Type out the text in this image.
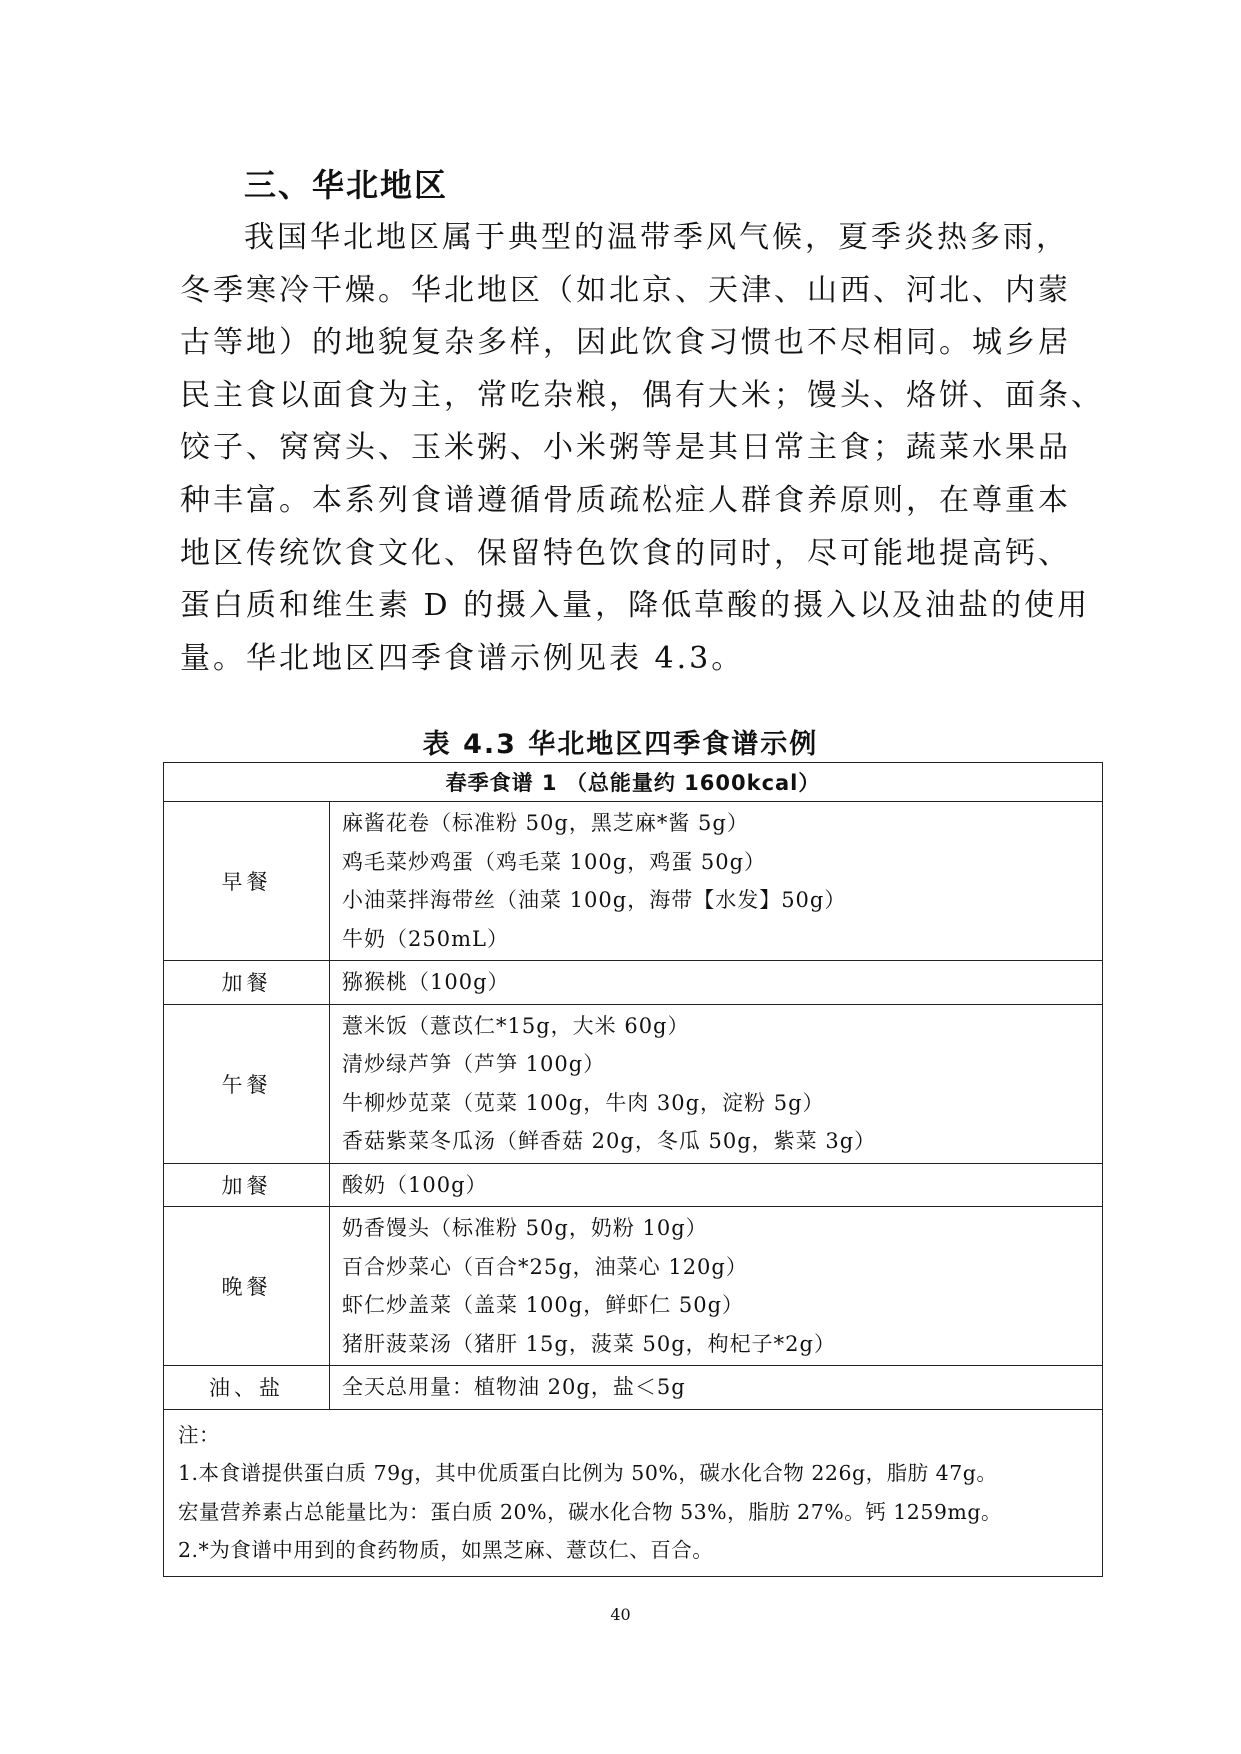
三、华北地区

我国华北地区属于典型的温带季风气候，夏季炎热多雨，
冬季寒冷干燥。华北地区（如北京、天津、山西、河北、内蒙
古等地）的地貌复杂多样，因此饮食习惯也不尽相同。城乡居
民主食以面食为主，常吃杂粮，偶有大米；馒头、烙饼、面条、
饺子、窝窝头、玉米粥、小米粥等是其日常主食；蔬菜水果品
种丰富。本系列食谱遵循骨质疏松症人群食养原则，在尊重本
地区传统饮食文化、保留特色饮食的同时，尽可能地提高钙、
蛋白质和维生素 D 的摄入量，降低草酸的摄入以及油盐的使用
量。华北地区四季食谱示例见表 4.3。

表 4.3 华北地区四季食谱示例
春季食谱 1 （总能量约 1600kcal）	
早餐	麻酱花卷（标准粉 50g，黑芝麻*酱 5g）
鸡毛菜炒鸡蛋（鸡毛菜 100g，鸡蛋 50g）
小油菜拌海带丝（油菜 100g，海带【水发】50g）
牛奶（250mL）

加餐	猕猴桃（100g）

午餐	薏米饭（薏苡仁*15g，大米 60g）
清炒绿芦笋（芦笋 100g）
牛柳炒苋菜（苋菜 100g，牛肉 30g，淀粉 5g）
香菇紫菜冬瓜汤（鲜香菇 20g，冬瓜 50g，紫菜 3g）

加餐	酸奶（100g）

晚餐	奶香馒头（标准粉 50g，奶粉 10g）
百合炒菜心（百合*25g，油菜心 120g）
虾仁炒盖菜（盖菜 100g，鲜虾仁 50g）
猪肝菠菜汤（猪肝 15g，菠菜 50g，枸杞子*2g）

油、盐	全天总用量：植物油 20g，盐＜5g

注：
1.本食谱提供蛋白质 79g，其中优质蛋白比例为 50%，碳水化合物 226g，脂肪 47g。
宏量营养素占总能量比为：蛋白质 20%，碳水化合物 53%，脂肪 27%。钙 1259mg。
2.*为食谱中用到的食药物质，如黑芝麻、薏苡仁、百合。	
40
